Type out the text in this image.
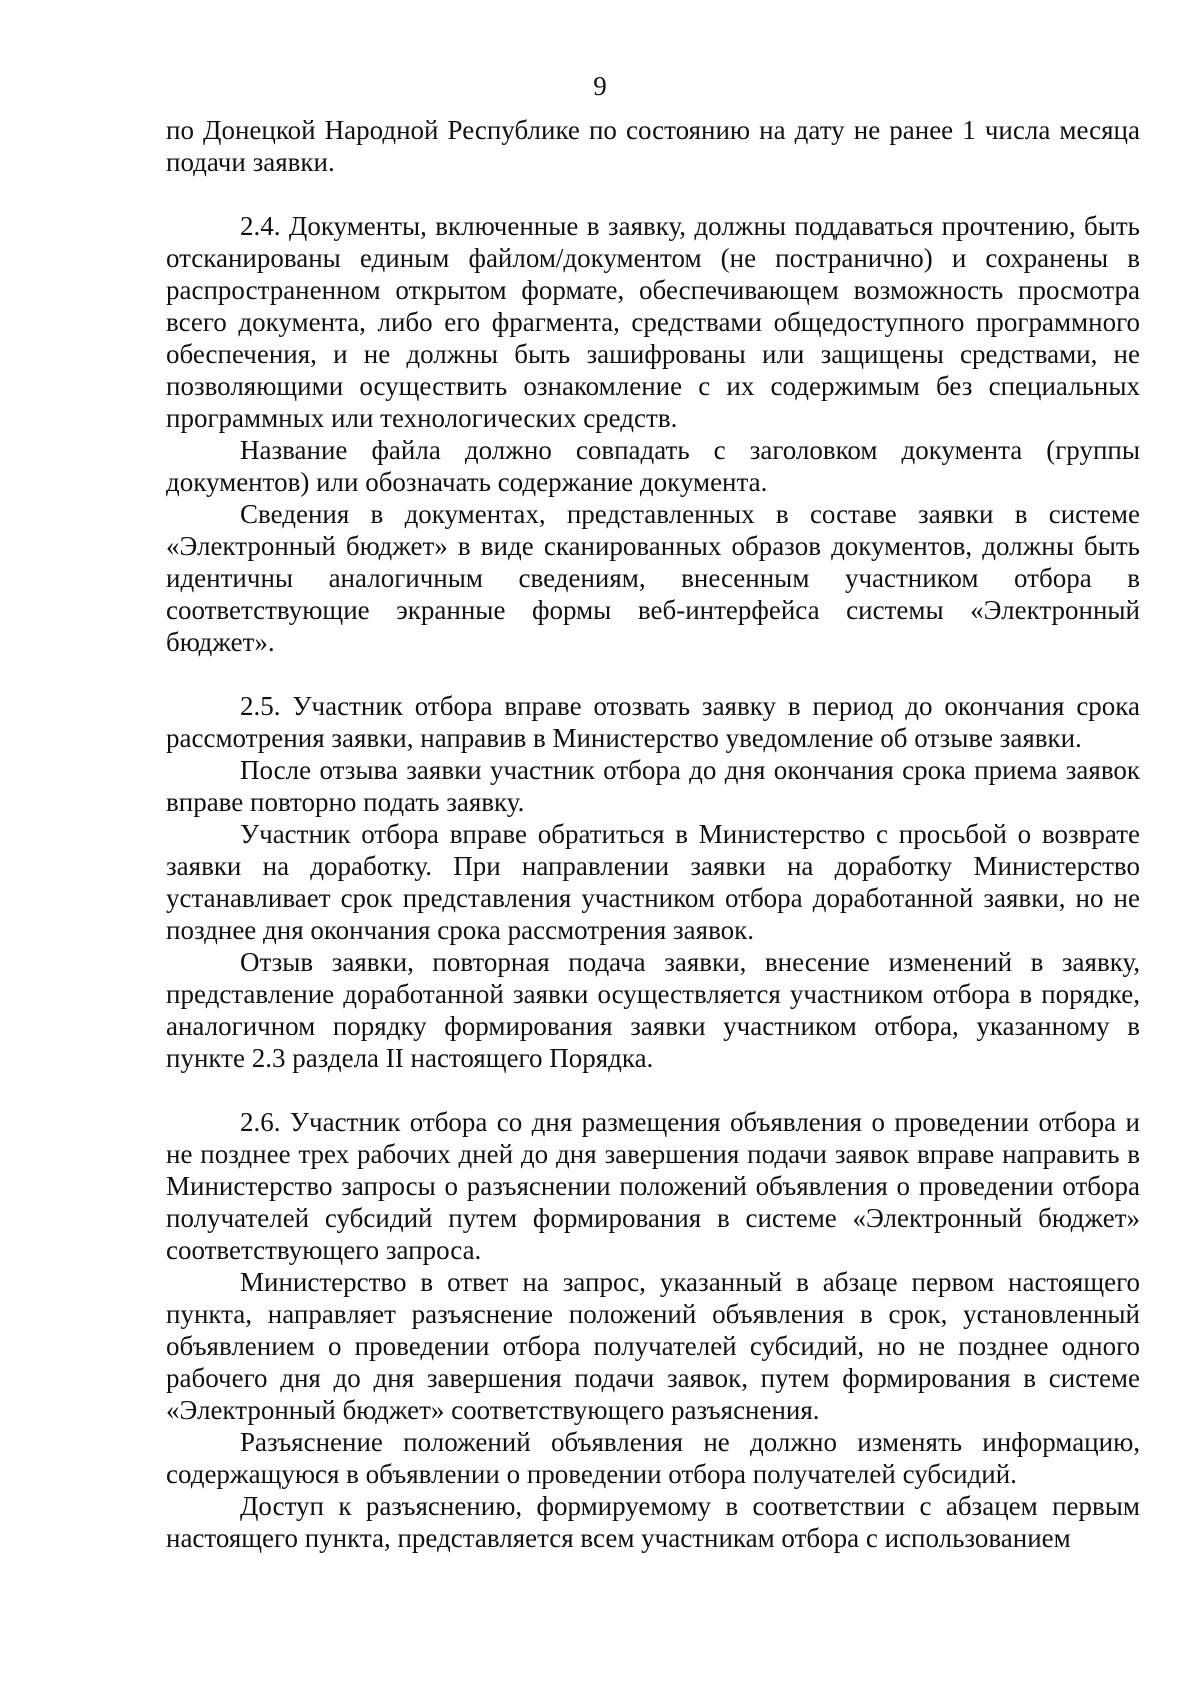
9

по Донецкой Народной Республике по состоянию на дату не ранее 1 числа месяца подачи заявки.

2.4. Документы, включенные в заявку, должны поддаваться прочтению, быть отсканированы единым файлом/документом (не постранично) и сохранены в распространенном открытом формате, обеспечивающем возможность просмотра всего документа, либо его фрагмента, средствами общедоступного программного обеспечения, и не должны быть зашифрованы или защищены средствами, не позволяющими осуществить ознакомление с их содержимым без специальных программных или технологических средств.

Название файла должно совпадать с заголовком документа (группы документов) или обозначать содержание документа.

Сведения в документах, представленных в составе заявки в системе «Электронный бюджет» в виде сканированных образов документов, должны быть идентичны аналогичным сведениям, внесенным участником отбора в соответствующие экранные формы веб-интерфейса системы «Электронный бюджет».

2.5. Участник отбора вправе отозвать заявку в период до окончания срока рассмотрения заявки, направив в Министерство уведомление об отзыве заявки.

После отзыва заявки участник отбора до дня окончания срока приема заявок вправе повторно подать заявку.

Участник отбора вправе обратиться в Министерство с просьбой о возврате заявки на доработку. При направлении заявки на доработку Министерство устанавливает срок представления участником отбора доработанной заявки, но не позднее дня окончания срока рассмотрения заявок.

Отзыв заявки, повторная подача заявки, внесение изменений в заявку, представление доработанной заявки осуществляется участником отбора в порядке, аналогичном порядку формирования заявки участником отбора, указанному в пункте 2.3 раздела II настоящего Порядка.

2.6. Участник отбора со дня размещения объявления о проведении отбора и не позднее трех рабочих дней до дня завершения подачи заявок вправе направить в Министерство запросы о разъяснении положений объявления о проведении отбора получателей субсидий путем формирования в системе «Электронный бюджет» соответствующего запроса.

Министерство в ответ на запрос, указанный в абзаце первом настоящего пункта, направляет разъяснение положений объявления в срок, установленный объявлением о проведении отбора получателей субсидий, но не позднее одного рабочего дня до дня завершения подачи заявок, путем формирования в системе «Электронный бюджет» соответствующего разъяснения.

Разъяснение положений объявления не должно изменять информацию, содержащуюся в объявлении о проведении отбора получателей субсидий.

Доступ к разъяснению, формируемому в соответствии с абзацем первым настоящего пункта, представляется всем участникам отбора с использованием
